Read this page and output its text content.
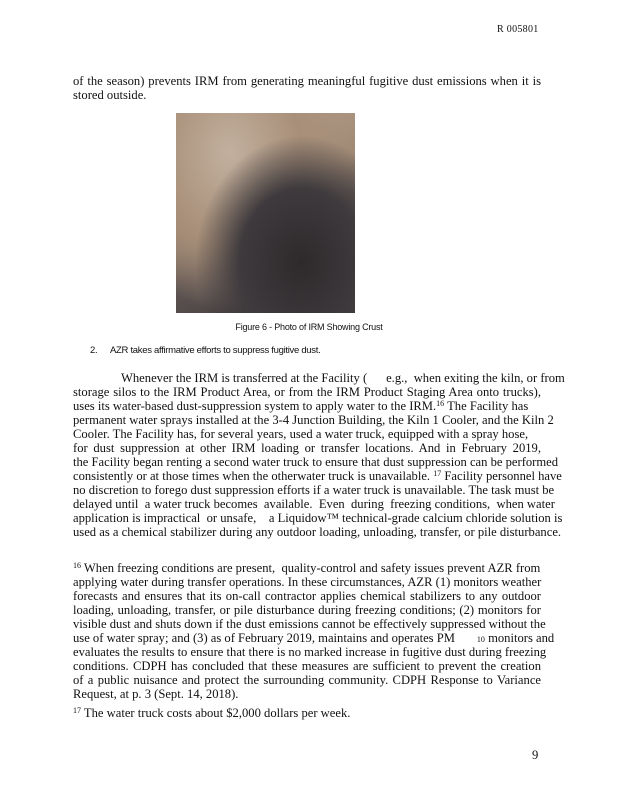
R 005801
of the season) prevents IRM from generating meaningful fugitive dust emissions when it is
stored outside.
Figure 6 - Photo of IRM Showing Crust
2. AZR takes affirmative efforts to suppress fugitive dust.
Whenever the IRM is transferred at the Facility (      e.g.,  when exiting the kiln, or from
storage silos to the IRM Product Area, or from the IRM Product Staging Area onto trucks),
uses its water-based dust-suppression system to apply water to the IRM.$^{16}$ The Facility has
permanent water sprays installed at the 3-4 Junction Building, the Kiln 1 Cooler, and the Kiln 2
Cooler. The Facility has, for several years, used a water truck, equipped with a spray hose,
for dust suppression at other IRM loading or transfer locations. And in February 2019,
the Facility began renting a second water truck to ensure that dust suppression can be performed
consistently or at those times when the otherwater truck is unavailable. $^{17}$ Facility personnel have
no discretion to forego dust suppression efforts if a water truck is unavailable. The task must be
delayed until  a water truck becomes  available.  Even  during  freezing conditions,  when water
application is impractical  or unsafe,    a Liquidow™ technical-grade calcium chloride solution is
used as a chemical stabilizer during any outdoor loading, unloading, transfer, or pile disturbance.
$^{16}$ When freezing conditions are present,  quality-control and safety issues prevent AZR from
applying water during transfer operations. In these circumstances, AZR (1) monitors weather
forecasts and ensures that its on-call contractor applies chemical stabilizers to any outdoor
loading, unloading, transfer, or pile disturbance during freezing conditions; (2) monitors for
visible dust and shuts down if the dust emissions cannot be effectively suppressed without the
use of water spray; and (3) as of February 2019, maintains and operates PM	10 monitors and
evaluates the results to ensure that there is no marked increase in fugitive dust during freezing
conditions. CDPH has concluded that these measures are sufficient to prevent the creation
of a public nuisance and protect the surrounding community. CDPH Response to Variance
Request, at p. 3 (Sept. 14, 2018).
$^{17}$ The water truck costs about $2,000 dollars per week.
9
